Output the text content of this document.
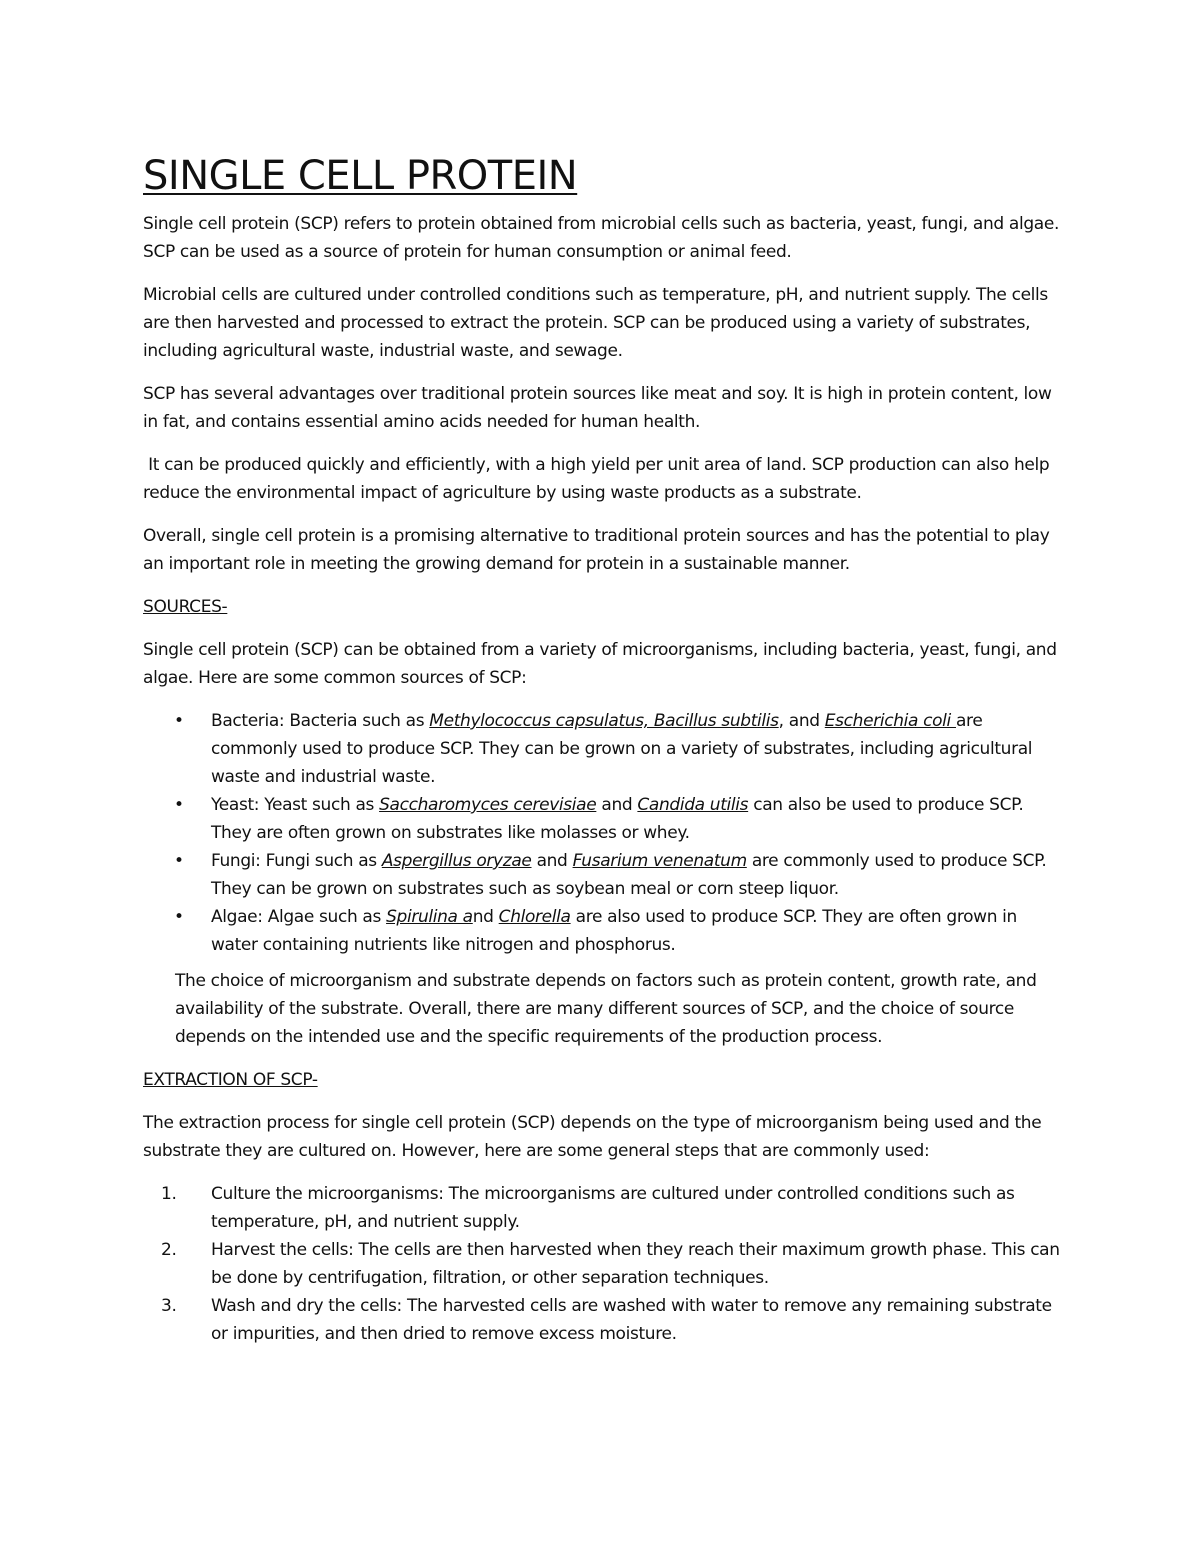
SINGLE CELL PROTEIN

Single cell protein (SCP) refers to protein obtained from microbial cells such as bacteria, yeast, fungi, and algae. SCP can be used as a source of protein for human consumption or animal feed.

Microbial cells are cultured under controlled conditions such as temperature, pH, and nutrient supply. The cells are then harvested and processed to extract the protein. SCP can be produced using a variety of substrates, including agricultural waste, industrial waste, and sewage.

SCP has several advantages over traditional protein sources like meat and soy. It is high in protein content, low in fat, and contains essential amino acids needed for human health.

It can be produced quickly and efficiently, with a high yield per unit area of land. SCP production can also help reduce the environmental impact of agriculture by using waste products as a substrate.

Overall, single cell protein is a promising alternative to traditional protein sources and has the potential to play an important role in meeting the growing demand for protein in a sustainable manner.

SOURCES-

Single cell protein (SCP) can be obtained from a variety of microorganisms, including bacteria, yeast, fungi, and algae. Here are some common sources of SCP:

• Bacteria: Bacteria such as Methylococcus capsulatus, Bacillus subtilis, and Escherichia coli are commonly used to produce SCP. They can be grown on a variety of substrates, including agricultural waste and industrial waste.
• Yeast: Yeast such as Saccharomyces cerevisiae and Candida utilis can also be used to produce SCP. They are often grown on substrates like molasses or whey.
• Fungi: Fungi such as Aspergillus oryzae and Fusarium venenatum are commonly used to produce SCP. They can be grown on substrates such as soybean meal or corn steep liquor.
• Algae: Algae such as Spirulina and Chlorella are also used to produce SCP. They are often grown in water containing nutrients like nitrogen and phosphorus.

The choice of microorganism and substrate depends on factors such as protein content, growth rate, and availability of the substrate. Overall, there are many different sources of SCP, and the choice of source depends on the intended use and the specific requirements of the production process.

EXTRACTION OF SCP-

The extraction process for single cell protein (SCP) depends on the type of microorganism being used and the substrate they are cultured on. However, here are some general steps that are commonly used:

1. Culture the microorganisms: The microorganisms are cultured under controlled conditions such as temperature, pH, and nutrient supply.
2. Harvest the cells: The cells are then harvested when they reach their maximum growth phase. This can be done by centrifugation, filtration, or other separation techniques.
3. Wash and dry the cells: The harvested cells are washed with water to remove any remaining substrate or impurities, and then dried to remove excess moisture.
